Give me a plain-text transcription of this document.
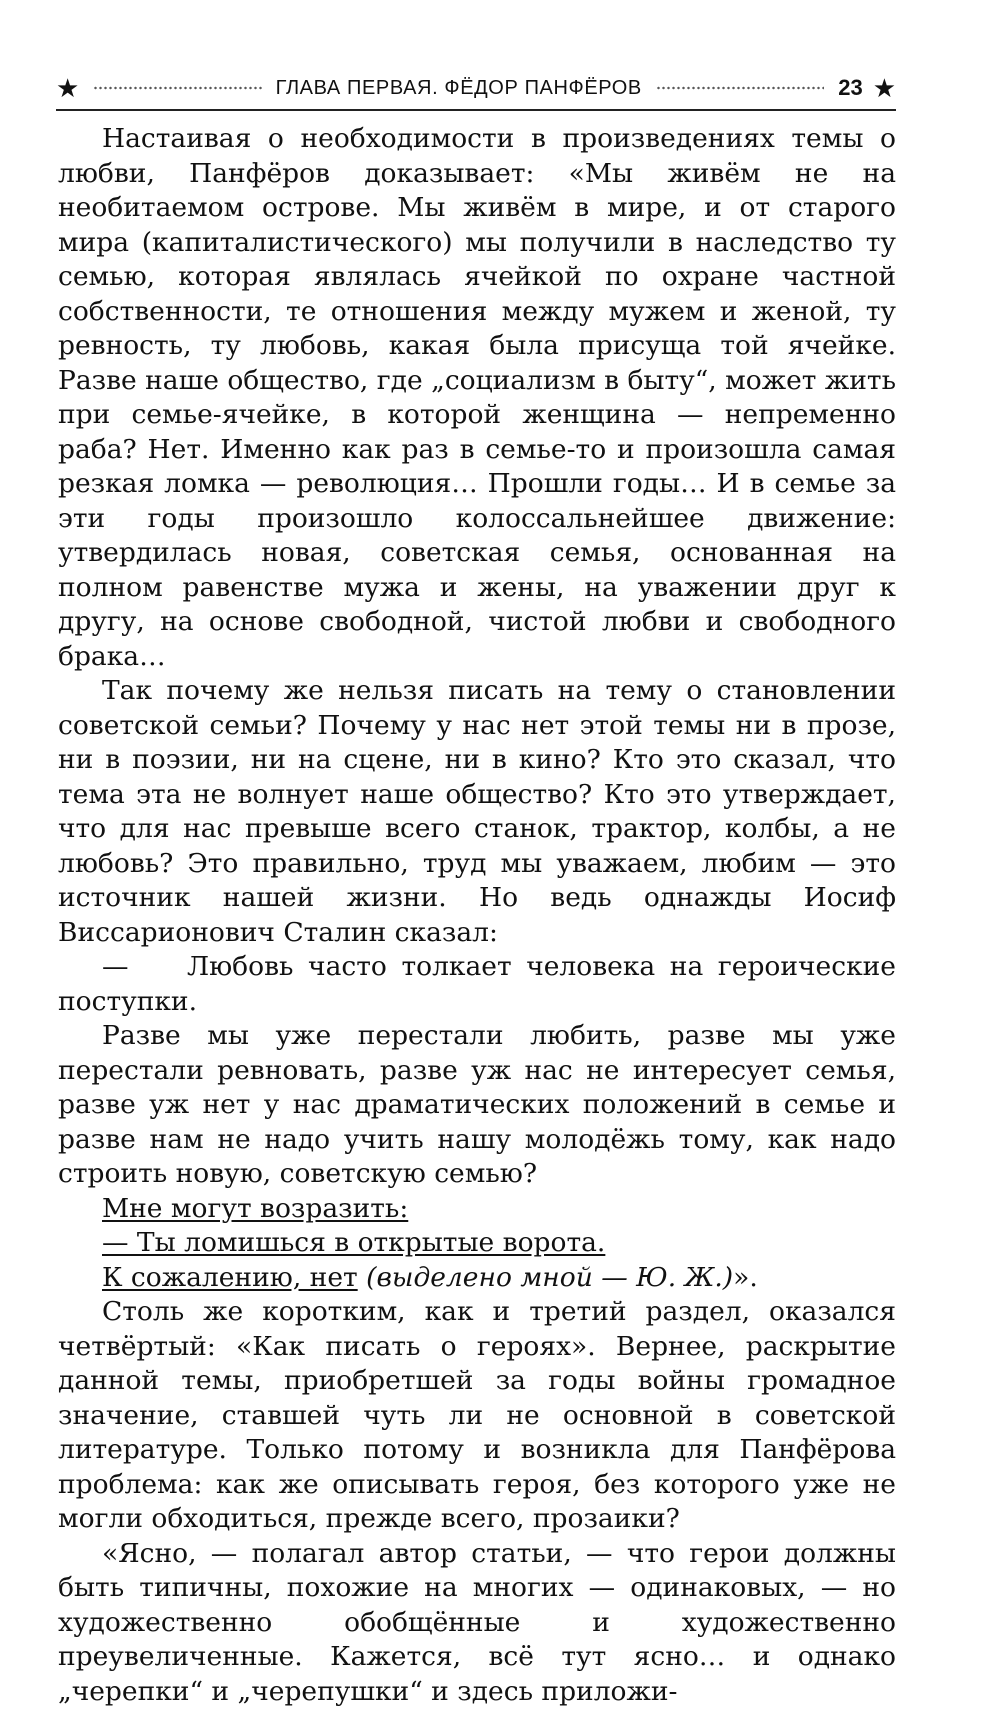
★	ГЛАВА ПЕРВАЯ. ФЁДОР ПАНФЁРОВ	23 ★

Настаивая о необходимости в произведениях темы о любви, Панфёров доказывает: «Мы живём не на необитаемом острове. Мы живём в мире, и от старого мира (капиталистического) мы получили в наследство ту семью, которая являлась ячейкой по охране частной собственности, те отношения между мужем и женой, ту ревность, ту любовь, какая была присуща той ячейке. Разве наше общество, где „социализм в быту“, может жить при семье-ячейке, в которой женщина — непременно раба? Нет. Именно как раз в семье-то и произошла самая резкая ломка — революция… Прошли годы… И в семье за эти годы произошло колоссальнейшее движение: утвердилась новая, советская семья, основанная на полном равенстве мужа и жены, на уважении друг к другу, на основе свободной, чистой любви и свободного брака…

Так почему же нельзя писать на тему о становлении советской семьи? Почему у нас нет этой темы ни в прозе, ни в поэзии, ни на сцене, ни в кино? Кто это сказал, что тема эта не волнует наше общество? Кто это утверждает, что для нас превыше всего станок, трактор, колбы, а не любовь? Это правильно, труд мы уважаем, любим — это источник нашей жизни. Но ведь однажды Иосиф Виссарионович Сталин сказал:

— Любовь часто толкает человека на героические поступки.

Разве мы уже перестали любить, разве мы уже перестали ревновать, разве уж нас не интересует семья, разве уж нет у нас драматических положений в семье и разве нам не надо учить нашу молодёжь тому, как надо строить новую, советскую семью?

Мне могут возразить:

— Ты ломишься в открытые ворота.

К сожалению, нет (выделено мной — Ю. Ж.)».

Столь же коротким, как и третий раздел, оказался четвёртый: «Как писать о героях». Вернее, раскрытие данной темы, приобретшей за годы войны громадное значение, ставшей чуть ли не основной в советской литературе. Только потому и возникла для Панфёрова проблема: как же описывать героя, без которого уже не могли обходиться, прежде всего, прозаики?

«Ясно, — полагал автор статьи, — что герои должны быть типичны, похожие на многих — одинаковых, — но художественно обобщённые и художественно преувеличенные. Кажется, всё тут ясно… и однако „черепки“ и „черепушки“ и здесь приложи-
